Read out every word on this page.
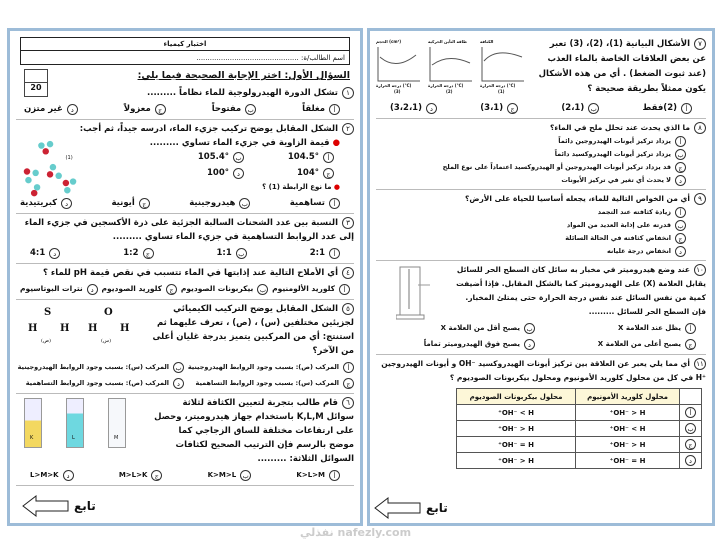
اختبار كيمياء
اسم الطالب/ة: ..............................................
20
السؤال الأول: اختر الإجابة الصحيحة فيما يلي:
١تشكل الدورة الهيدرولوجية للماء نظاماً .........
أ
مغلقاً
ب
مفتوحاً
ج
معزولاً
د
غير متزن
(1)
٢الشكل المقابل يوضح تركيب جزيء الماء، ادرسه جيداً، ثم أجب:
● قيمة الزاوية في جزيء الماء تساوي .........
أ
104.5°
ب
105.4°
ج
104°
د
100°
● ما نوع الرابطة (1) ؟
أ
تساهمية
ب
هيدروجينية
ج
أيونية
د
كبريتيدية
٣النسبة بين عدد الشحنات السالبة الجزئية على ذرة الأكسجين في جزيء الماء إلى عدد الروابط التساهمية في جزيء الماء تساوي .........
أ
2:1
ب
1:1
ج
1:2
د
4:1
٤أي الأملاح التالية عند إذابتها في الماء تتسبب في نقص قيمة pH للماء ؟
أ
كلوريد الألومنيوم
ب
بيكربونات الصوديوم
ج
كلوريد الصوديوم
د
نترات البوتاسيوم
H
S
H
(ص)
H
O
H
(س)
٥الشكل المقابل يوضح التركيب الكيميائي لجزيئين مختلفين (س) ، (ص) ، تعرف عليهما ثم استنتج: أي من المركبين يتميز بدرجة غليان أعلى من الآخر؟
أ
المركب (ص): بسبب وجود الروابط الهيدروجينية
ب
المركب (س): بسبب وجود الروابط الهيدروجينية
ج
المركب (س): بسبب وجود الروابط التساهمية
د
المركب (ص): بسبب وجود الروابط التساهمية
K	L	M
٦قام طالب بتجربة لتعيين الكثافة لثلاثة سوائل K,L,M باستخدام جهاز هيدروميتر، وحصل على ارتفاعات مختلفة للساق الزجاجي كما موضح بالرسم فإن الترتيب الصحيح لكثافات السوائل الثلاثة: .........
أ
K>L>M
ب
K>M>L
ج
M>L>K
د
L>M>K
تابع
الحجم (cm³)
درجة الحرارة (°C)
(3)
طاقة التأين الحركية
درجة الحرارة (°C)
(2)
الكثافة
درجة الحرارة (°C)
(1)
٧الأشكال البيانية (1)، (2)، (3) تعبر عن بعض العلاقات الخاصة بالماء العذب (عند ثبوت الضغط) . أي من هذه الأشكال يكون ممثلاً بطريقة صحيحة ؟
أ
(2)فقط
ب
(2،1)
ج
(3،1)
د
(3،2،1)
٨ما الذي يحدث عند تحلل ملح في الماء؟
أ
يزداد تركيز أيونات الهيدروجين دائماً
ب
يزداد تركيز أيونات الهيدروكسيد دائماً
ج
قد يزداد تركيز أيونات الهيدروجين أو الهيدروكسيد اعتماداً على نوع الملح
د
لا يحدث أي تغير في تركيز الأيونات
٩أي من الخواص التالية للماء، يجعله أساسيا للحياة على الأرض؟
أ
زيادة كثافته عند التجمد
ب
قدرته على إذابة العديد من المواد
ج
انخفاض كثافته في الحالة السائلة
د
انخفاض درجة غليانه
١٠عند وضع هيدروميتر في مخبار به سائل كان السطح الحر للسائل يقابل العلامة (X) على الهيدروميتر كما بالشكل المقابل. فإذا أضيفت كمية من نفس السائل عند نفس درجة الحرارة حتى يمتلئ المخبار. فإن السطح الحر للسائل .........
أ
يظل عند العلامة X
ب
يصبح أقل من العلامة X
ج
يصبح أعلى من العلامة X
د
يصبح فوق الهيدروميتر تماماً
١١أي مما يلي يعبر عن العلاقة بين تركيز أيونات الهيدروكسيد ⁻OH و أيونات الهيدروجين ⁺H في كل من محلول كلوريد الأمونيوم ومحلول بيكربونات الصوديوم ؟
	محلول كلوريد الأمونيوم	محلول بيكربونات الصوديوم
أ	OH⁻ > H⁺	OH⁻ < H⁺
ب	OH⁻ < H⁺	OH⁻ > H⁺
ج	OH⁻ > H⁺	OH⁻ = H⁺
د	OH⁻ = H⁺	OH⁻ > H⁺
تابع
نفذلي nafezly.com
